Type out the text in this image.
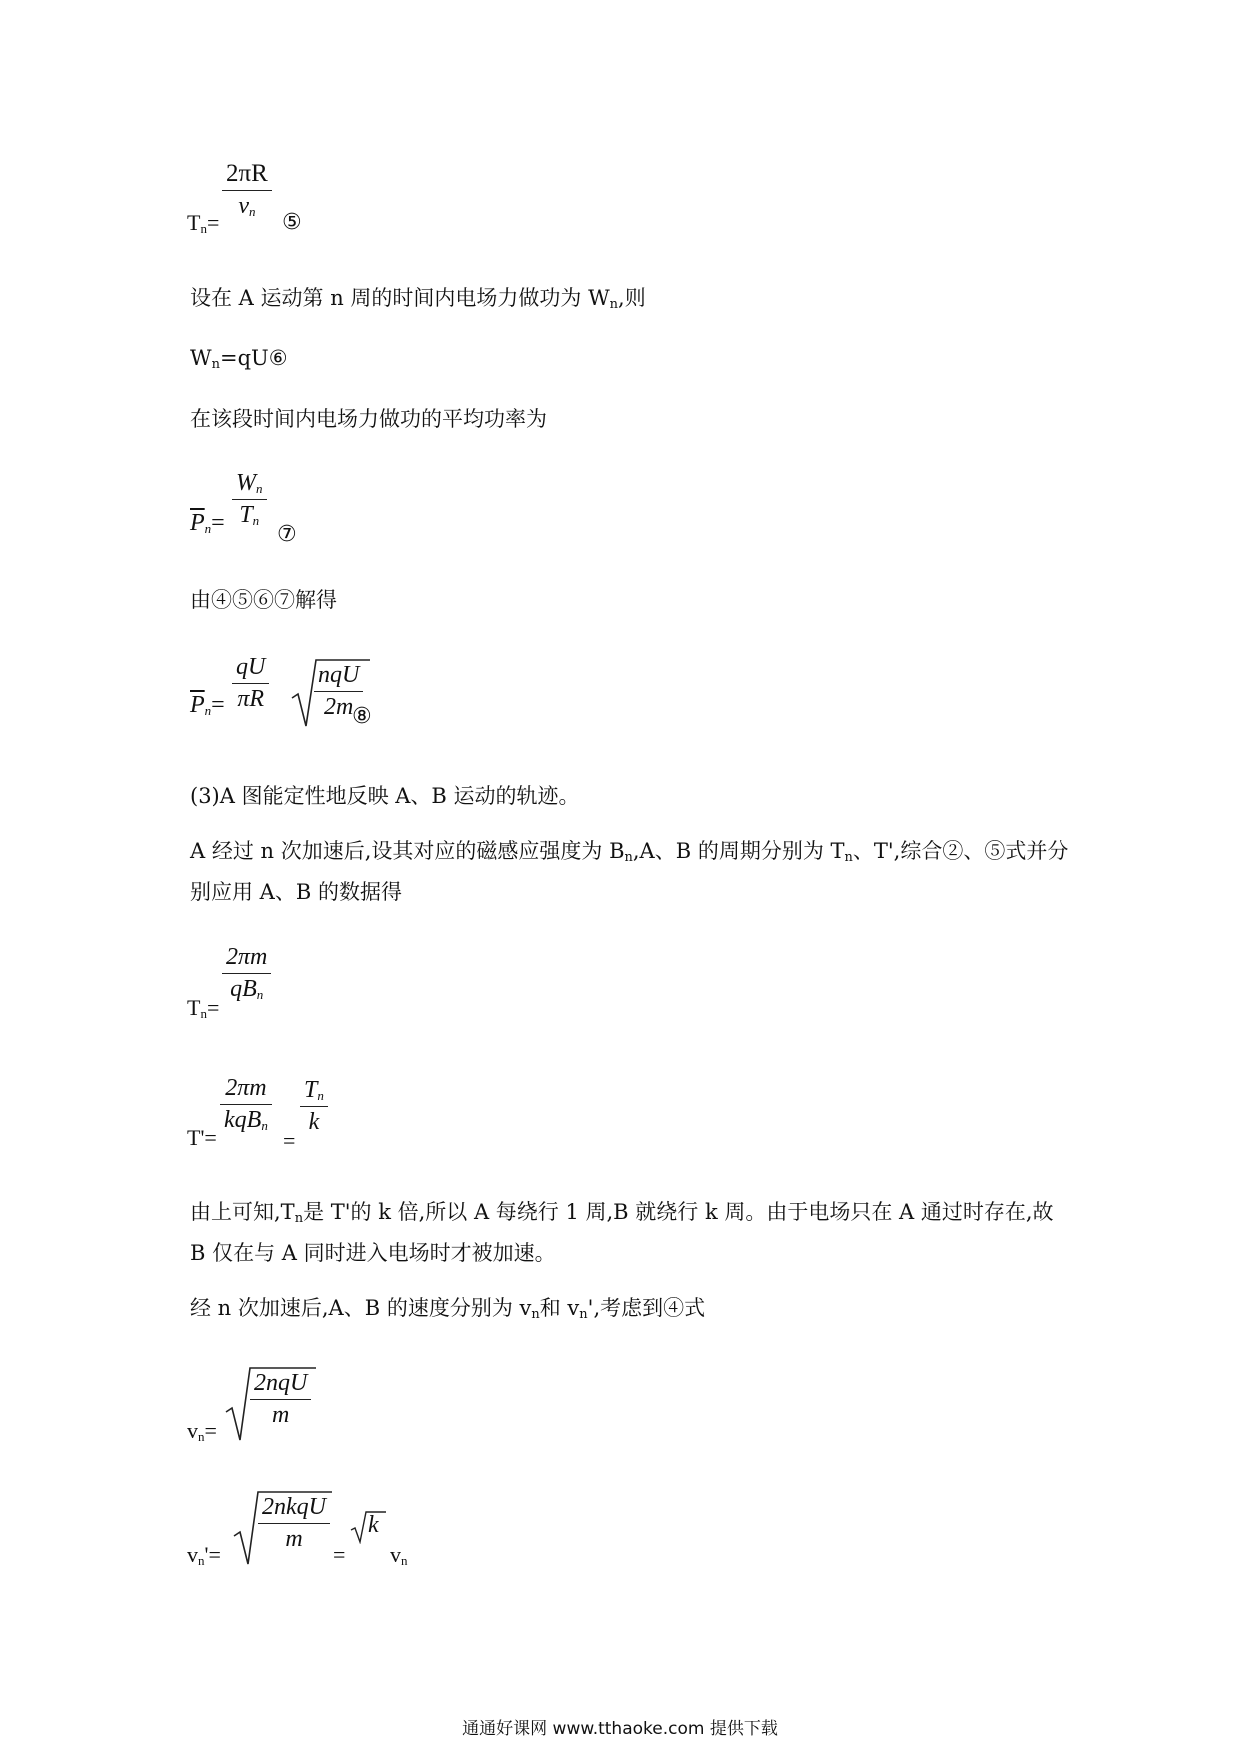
$T_n=$
2πR
$v_n$	⑤
设在 A 运动第 n 周的时间内电场力做功为 $W_n$,则
$W_n=qU⑥$
在该段时间内电场力做功的平均功率为
$\overline{P}_n=$
$W_n$
$T_n$
⑦
由④⑤⑥⑦解得
$\overline{P}_n=$
qU
πR
nqU
2m
⑧
(3)A 图能定性地反映 A、B 运动的轨迹。
A 经过 n 次加速后,设其对应的磁感应强度为 $B_n,A$、B 的周期分别为 $T_n$、T',综合②、⑤式并分别应用 A、B 的数据得
$T_n=$
2πm
$qB_n$
T'=
2πm
kqB$_n$
=
$T_n$
k
由上可知$,T_n$是 T'的 k 倍,所以 A 每绕行 1 周,B 就绕行 k 周。由于电场只在 A 通过时存在,故 B 仅在与 A 同时进入电场时才被加速。
经 n 次加速后,A、B 的速度分别为 $v_n$和 $v_n'$,考虑到④式
$v_n=$
2nqU
m
$v_n'=$
2nkqU
m
=
k
$v_n$
通通好课网 www.tthaoke.com 提供下载
